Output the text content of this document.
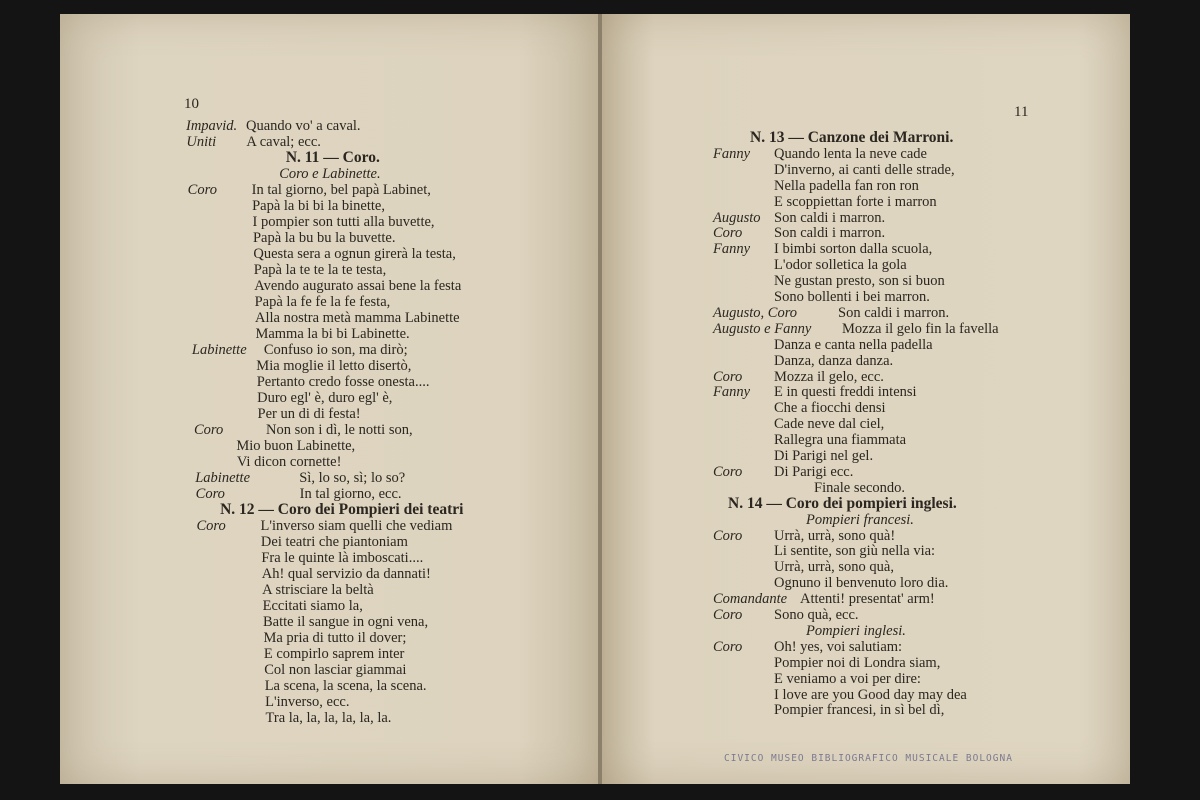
10
Impavid. Quando vo' a caval.
Uniti A caval; ecc.
N. 11 — Coro.
Coro e Labinette.
Coro In tal giorno, bel papà Labinet,
Papà la bi bi la binette,
I pompier son tutti alla buvette,
Papà la bu bu la buvette.
Questa sera a ognun girerà la testa,
Papà la te te la te testa,
Avendo augurato assai bene la festa
Papà la fe fe la fe festa,
Alla nostra metà mamma Labinette
Mamma la bi bi Labinette.
Labinette Confuso io son, ma dirò;
Mia moglie il letto disertò,
Pertanto credo fosse onesta....
Duro egl' è, duro egl' è,
Per un di di festa!
Coro	Non son i dì, le notti son,
Mio buon Labinette,
Vi dicon cornette!
Labinette	Sì, lo so, sì; lo so?
Coro	In tal giorno, ecc.
N. 12 — Coro dei Pompieri dei teatri
Coro L'inverso siam quelli che vediam
Dei teatri che piantoniam
Fra le quinte là imboscati....
Ah! qual servizio da dannati!
A strisciare la beltà
Eccitati siamo la,
Batte il sangue in ogni vena,
Ma pria di tutto il dover;
E compirlo saprem inter
Col non lasciar giammai
La scena, la scena, la scena.
L'inverso, ecc.
Tra la, la, la, la, la, la.
11
N. 13 — Canzone dei Marroni.
Fanny Quando lenta la neve cade
D'inverno, ai canti delle strade,
Nella padella fan ron ron
E scoppiettan forte i marron
Augusto Son caldi i marron.
Coro Son caldi i marron.
Fanny I bimbi sorton dalla scuola,
L'odor solletica la gola
Ne gustan presto, son si buon
Sono bollenti i bei marron.
Augusto, Coro	Son caldi i marron.
Augusto e Fanny Mozza il gelo fin la favella
Danza e canta nella padella
Danza, danza danza.
Coro Mozza il gelo, ecc.
Fanny E in questi freddi intensi
Che a fiocchi densi
Cade neve dal ciel,
Rallegra una fiammata
Di Parigi nel gel.
Coro Di Parigi ecc.
Finale secondo.
N. 14 — Coro dei pompieri inglesi.
Pompieri francesi.
Coro Urrà, urrà, sono quà!
Li sentite, son giù nella via:
Urrà, urrà, sono quà,
Ognuno il benvenuto loro dia.
Comandante Attenti! presentat' arm!
Coro Sono quà, ecc.
Pompieri inglesi.
Coro Oh! yes, voi salutiam:
Pompier noi di Londra siam,
E veniamo a voi per dire:
I love are you Good day may dea
Pompier francesi, in sì bel dì,
CIVICO MUSEO BIBLIOGRAFICO MUSICALE BOLOGNA
